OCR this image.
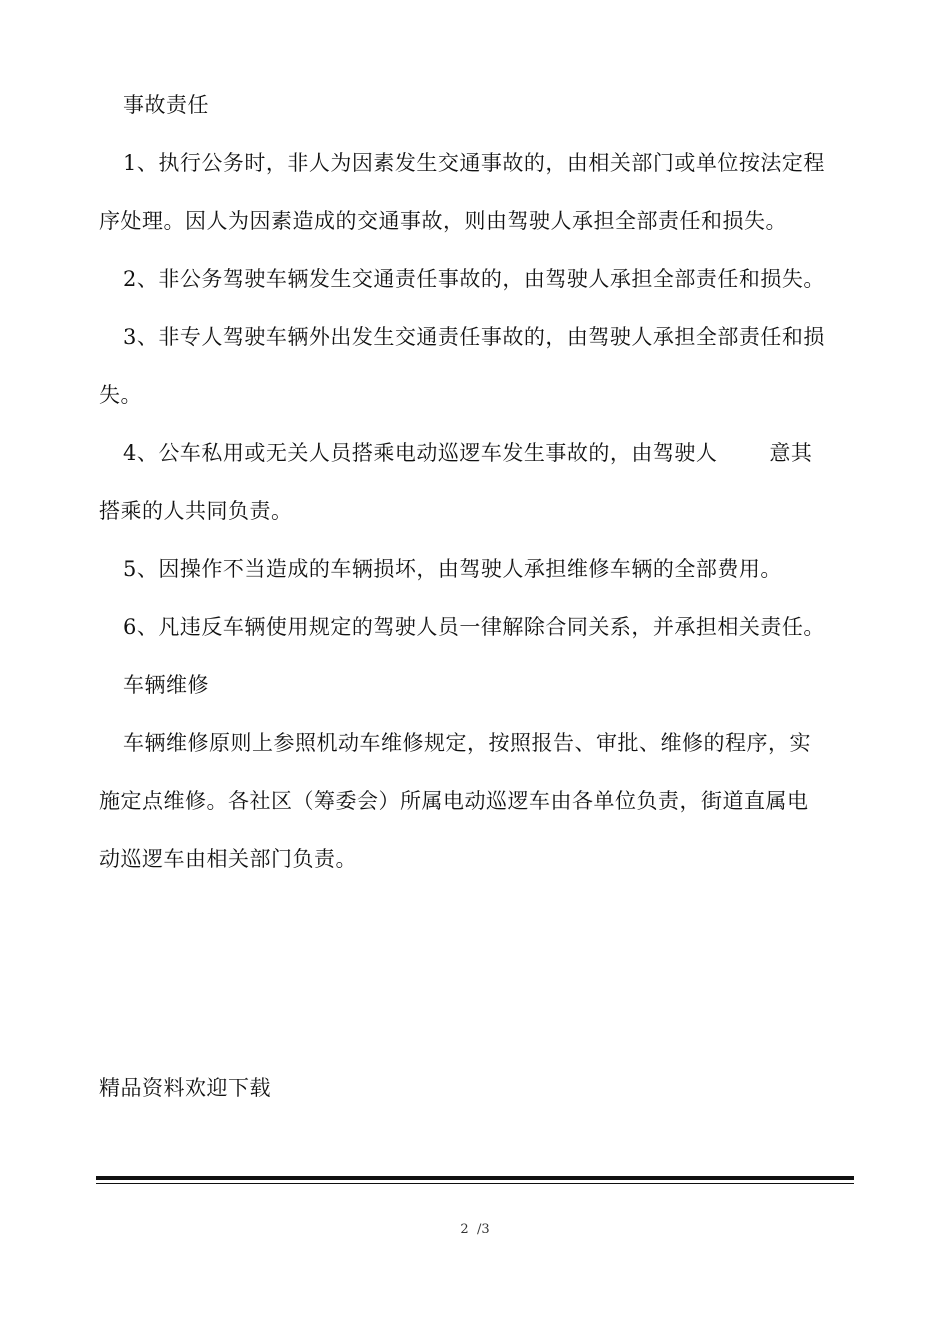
事故责任
1、执行公务时，非人为因素发生交通事故的，由相关部门或单位按法定程
序处理。因人为因素造成的交通事故，则由驾驶人承担全部责任和损失。
2、非公务驾驶车辆发生交通责任事故的，由驾驶人承担全部责任和损失。
3、非专人驾驶车辆外出发生交通责任事故的，由驾驶人承担全部责任和损
失。
4、公车私用或无关人员搭乘电动巡逻车发生事故的，由驾驶人 意其
搭乘的人共同负责。
5、因操作不当造成的车辆损坏，由驾驶人承担维修车辆的全部费用。
6、凡违反车辆使用规定的驾驶人员一律解除合同关系，并承担相关责任。
车辆维修
车辆维修原则上参照机动车维修规定，按照报告、审批、维修的程序，实
施定点维修。各社区（筹委会）所属电动巡逻车由各单位负责，街道直属电
动巡逻车由相关部门负责。
精品资料欢迎下载
2  /3
